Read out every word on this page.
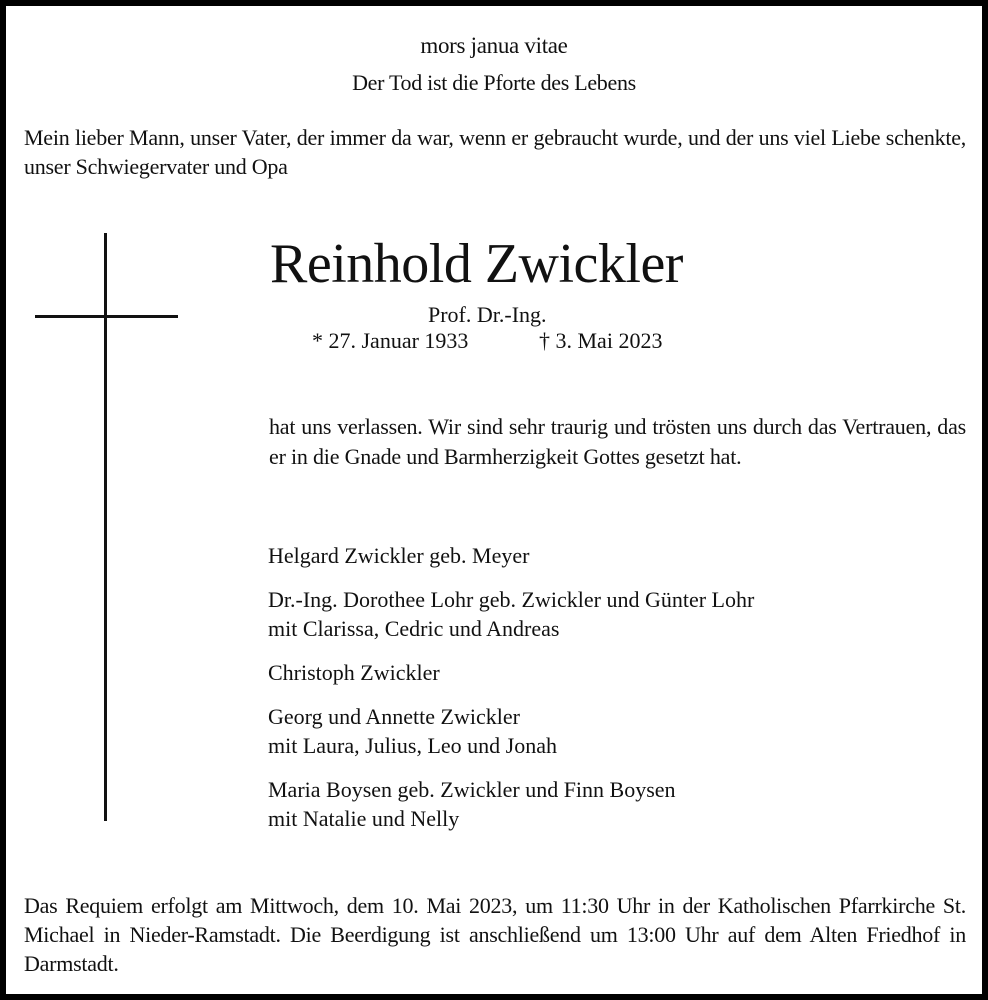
mors janua vitae
Der Tod ist die Pforte des Lebens
Mein lieber Mann, unser Vater, der immer da war, wenn er gebraucht wurde, und der uns viel Liebe schenkte, unser Schwiegervater und Opa
Reinhold Zwickler
Prof. Dr.-Ing.
* 27. Januar 1933	† 3. Mai 2023
hat uns verlassen. Wir sind sehr traurig und trösten uns durch das Vertrauen, das er in die Gnade und Barmherzigkeit Gottes gesetzt hat.
Helgard Zwickler geb. Meyer
Dr.-Ing. Dorothee Lohr geb. Zwickler und Günter Lohr
mit Clarissa, Cedric und Andreas
Christoph Zwickler
Georg und Annette Zwickler
mit Laura, Julius, Leo und Jonah
Maria Boysen geb. Zwickler und Finn Boysen
mit Natalie und Nelly
Das Requiem erfolgt am Mittwoch, dem 10. Mai 2023, um 11:30 Uhr in der Katholischen Pfarrkirche St. Michael in Nieder-Ramstadt. Die Beerdigung ist anschließend um 13:00 Uhr auf dem Alten Friedhof in Darmstadt.
